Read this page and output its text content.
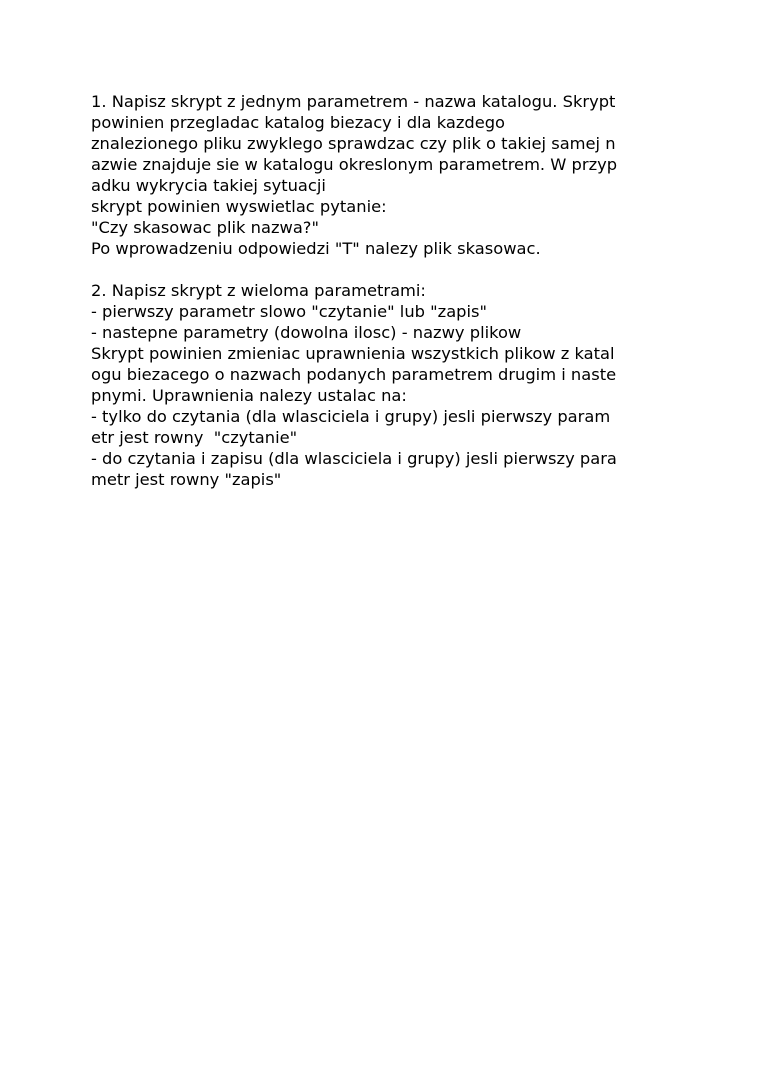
1. Napisz skrypt z jednym parametrem - nazwa katalogu. Skrypt
powinien przegladac katalog biezacy i dla kazdego
znalezionego pliku zwyklego sprawdzac czy plik o takiej samej n
azwie znajduje sie w katalogu okreslonym parametrem. W przyp
adku wykrycia takiej sytuacji
skrypt powinien wyswietlac pytanie:
"Czy skasowac plik nazwa?"
Po wprowadzeniu odpowiedzi "T" nalezy plik skasowac.
2. Napisz skrypt z wieloma parametrami:
- pierwszy parametr slowo "czytanie" lub "zapis"
- nastepne parametry (dowolna ilosc) - nazwy plikow
Skrypt powinien zmieniac uprawnienia wszystkich plikow z katal
ogu biezacego o nazwach podanych parametrem drugim i naste
pnymi. Uprawnienia nalezy ustalac na:
- tylko do czytania (dla wlasciciela i grupy) jesli pierwszy param
etr jest rowny  "czytanie"
- do czytania i zapisu (dla wlasciciela i grupy) jesli pierwszy para
metr jest rowny "zapis"
